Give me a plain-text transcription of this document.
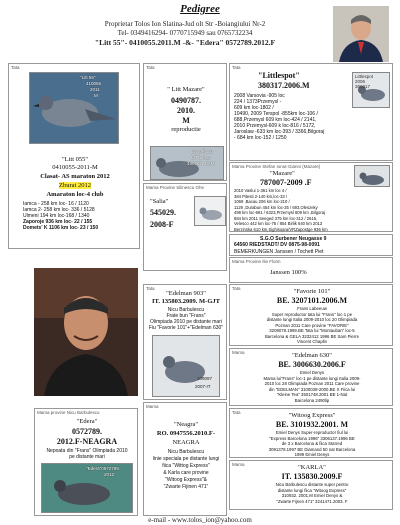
Pedigree
Proprietar Tolos Ion Slatina-Jud olt Str -Boiangiului Nr-2
Tel- 0349416294- 0770715949 sau 0765732234
"Litt 55"- 0410055.2011.M -&- "Edera" 0572789.2012.F
Tata
"Litt 55"
410055
2011
M
"Litt 055"
0410055-2011-M
Clasat- AS maraton 2012
Zburat 2012
Amaraton loc-4 club
Iamca - 258 km loc- 16 / 1120
Iamca 2- 258 km loc- 336 / 5128
Ulmeni 194 km loc-168 / 1340
Zaporoje 936 km loc- 22 / 155
Domets' K 1106 km loc- 23 / 150
Tata
" Litt Mazare"
0490787.
2010.
M
reproductie
Linia Piticu
LITT. Maz
490787. 10.M
Tata
"Littlespot"
380317.2006.M
2008 Varsovia -905 loc
224 / 1373Przemysl -
609 km loc-1802 /
10490, 2009 Terspol -855km loc-106 /
688,Przemysl 609 km loc-424 / 2141,
2010 Przemysl-609 k loc-816 / 5172,
Jaroslaw -633 km loc-393 / 3366,Bilgoraj
- 684 km loc-152 / 1250
Littlespot
2006
380317
Mama Provine Stefan Ionut-Gianni (Mazare)
"Mazare"
787007-2009 .F
2010 Vaslui 1-361 km loc 4 /
384 Pitesti 2-140 km,loc-33 /
1069 ,Bacau 206 km loc-210 /
1129 ,Durabun 454 km loc-25 / 693,Oleszeky
499 km loc-681 / 6323,Przemysl 609 km ,Bilgoraj
684 km 2011 Seeged 375 km loc-312 / 2615,
Velesco 442 km loc-78 / 854 Birlik 640 km 2013
Berzinska 610 km,Sighisoara/VRZapostge 936 km
Mama Provine Silinescu Ghe
"Salia"
545029.
2008-F
S.G.O Surbener Neugasse 9
64560 RIEDSTADT/ DV 0875-98-0091
BEMERKUNGEN Janssen / Tochett Piet
Mama Provine Ilie Florin
Janssen 100%
Tata
"Edelman 903"
IT. 135803.2009. M-GJT
Nicu Barbulescu
Frate bun "Frans"
Olimpiada 2010 pe distante mari
Fiu "Favorie 101"+"Edelman 630"
109097
2007-IT
Tata	"Favorie 101"
BE. 3207101.2006.M
Frans Labeeuw
Super reproductor tata lui "Frans" loc-1 pe
distante lungi Italia 2009-2010 loc 20 Olimpiada
Poznan 2011 Care provine "FAVORIE"
3208078.1999.BE Tata lui "Montauban" loc-5
Barcelona & GELA 3232412 1996 BE Sam Pierre
Vincent Chaplin
Mama	"Edelman 630"
BE. 3006630.2006.F
Emiel Denys
Mama lui"Frans" loc-1 pe distante lungi Italia 2009-
2010 loc 28 Olimpiada Poznan 2011 Care provine
din "EDELMAN" 3100038-2000.BE X Fiica lui
"Kleine Tea" 3501748.2001 BE 1-Nat
Barcelona 2490lip
Mama provine Nicu Barbulescu
"Edera"
0572789.
2012.F-NEAGRA
Nepoata din "Frans" Olimpiada 2010
pe distante mari
"Edera"0572789.
2012
Mama
"Neagra"
RO. 0947556.2010.F-
NEAGRA
Nicu Barbulescu
linie speciala pe distante lungi
fiica "Wittog Express"
& Karla care provine
"Witoog Express"&
"Zwarte Fijinen 471"
Tata	"Witoog Express"
BE. 3101932.2001. M
Emiel Denys Super-reproductor fiul lui
"Express Barcelona 1996" 3306137.1996 BE
de 3 x Barcelona & fiica Starred
3091378.1997 BE Diamand 50 nat Barcelona
1999 Emiel Denys
Mama	"KARLA"
IT. 135830.2009.F
Nicu Barbulescu distante super pentru
distante lungi fiica "Witoog Express"
310932. 2001.M Emiel Denys &
"Zwarte Fijnen 471" 3241471.2003. F
e-mail - www.tolos_ion@yahoo.com
